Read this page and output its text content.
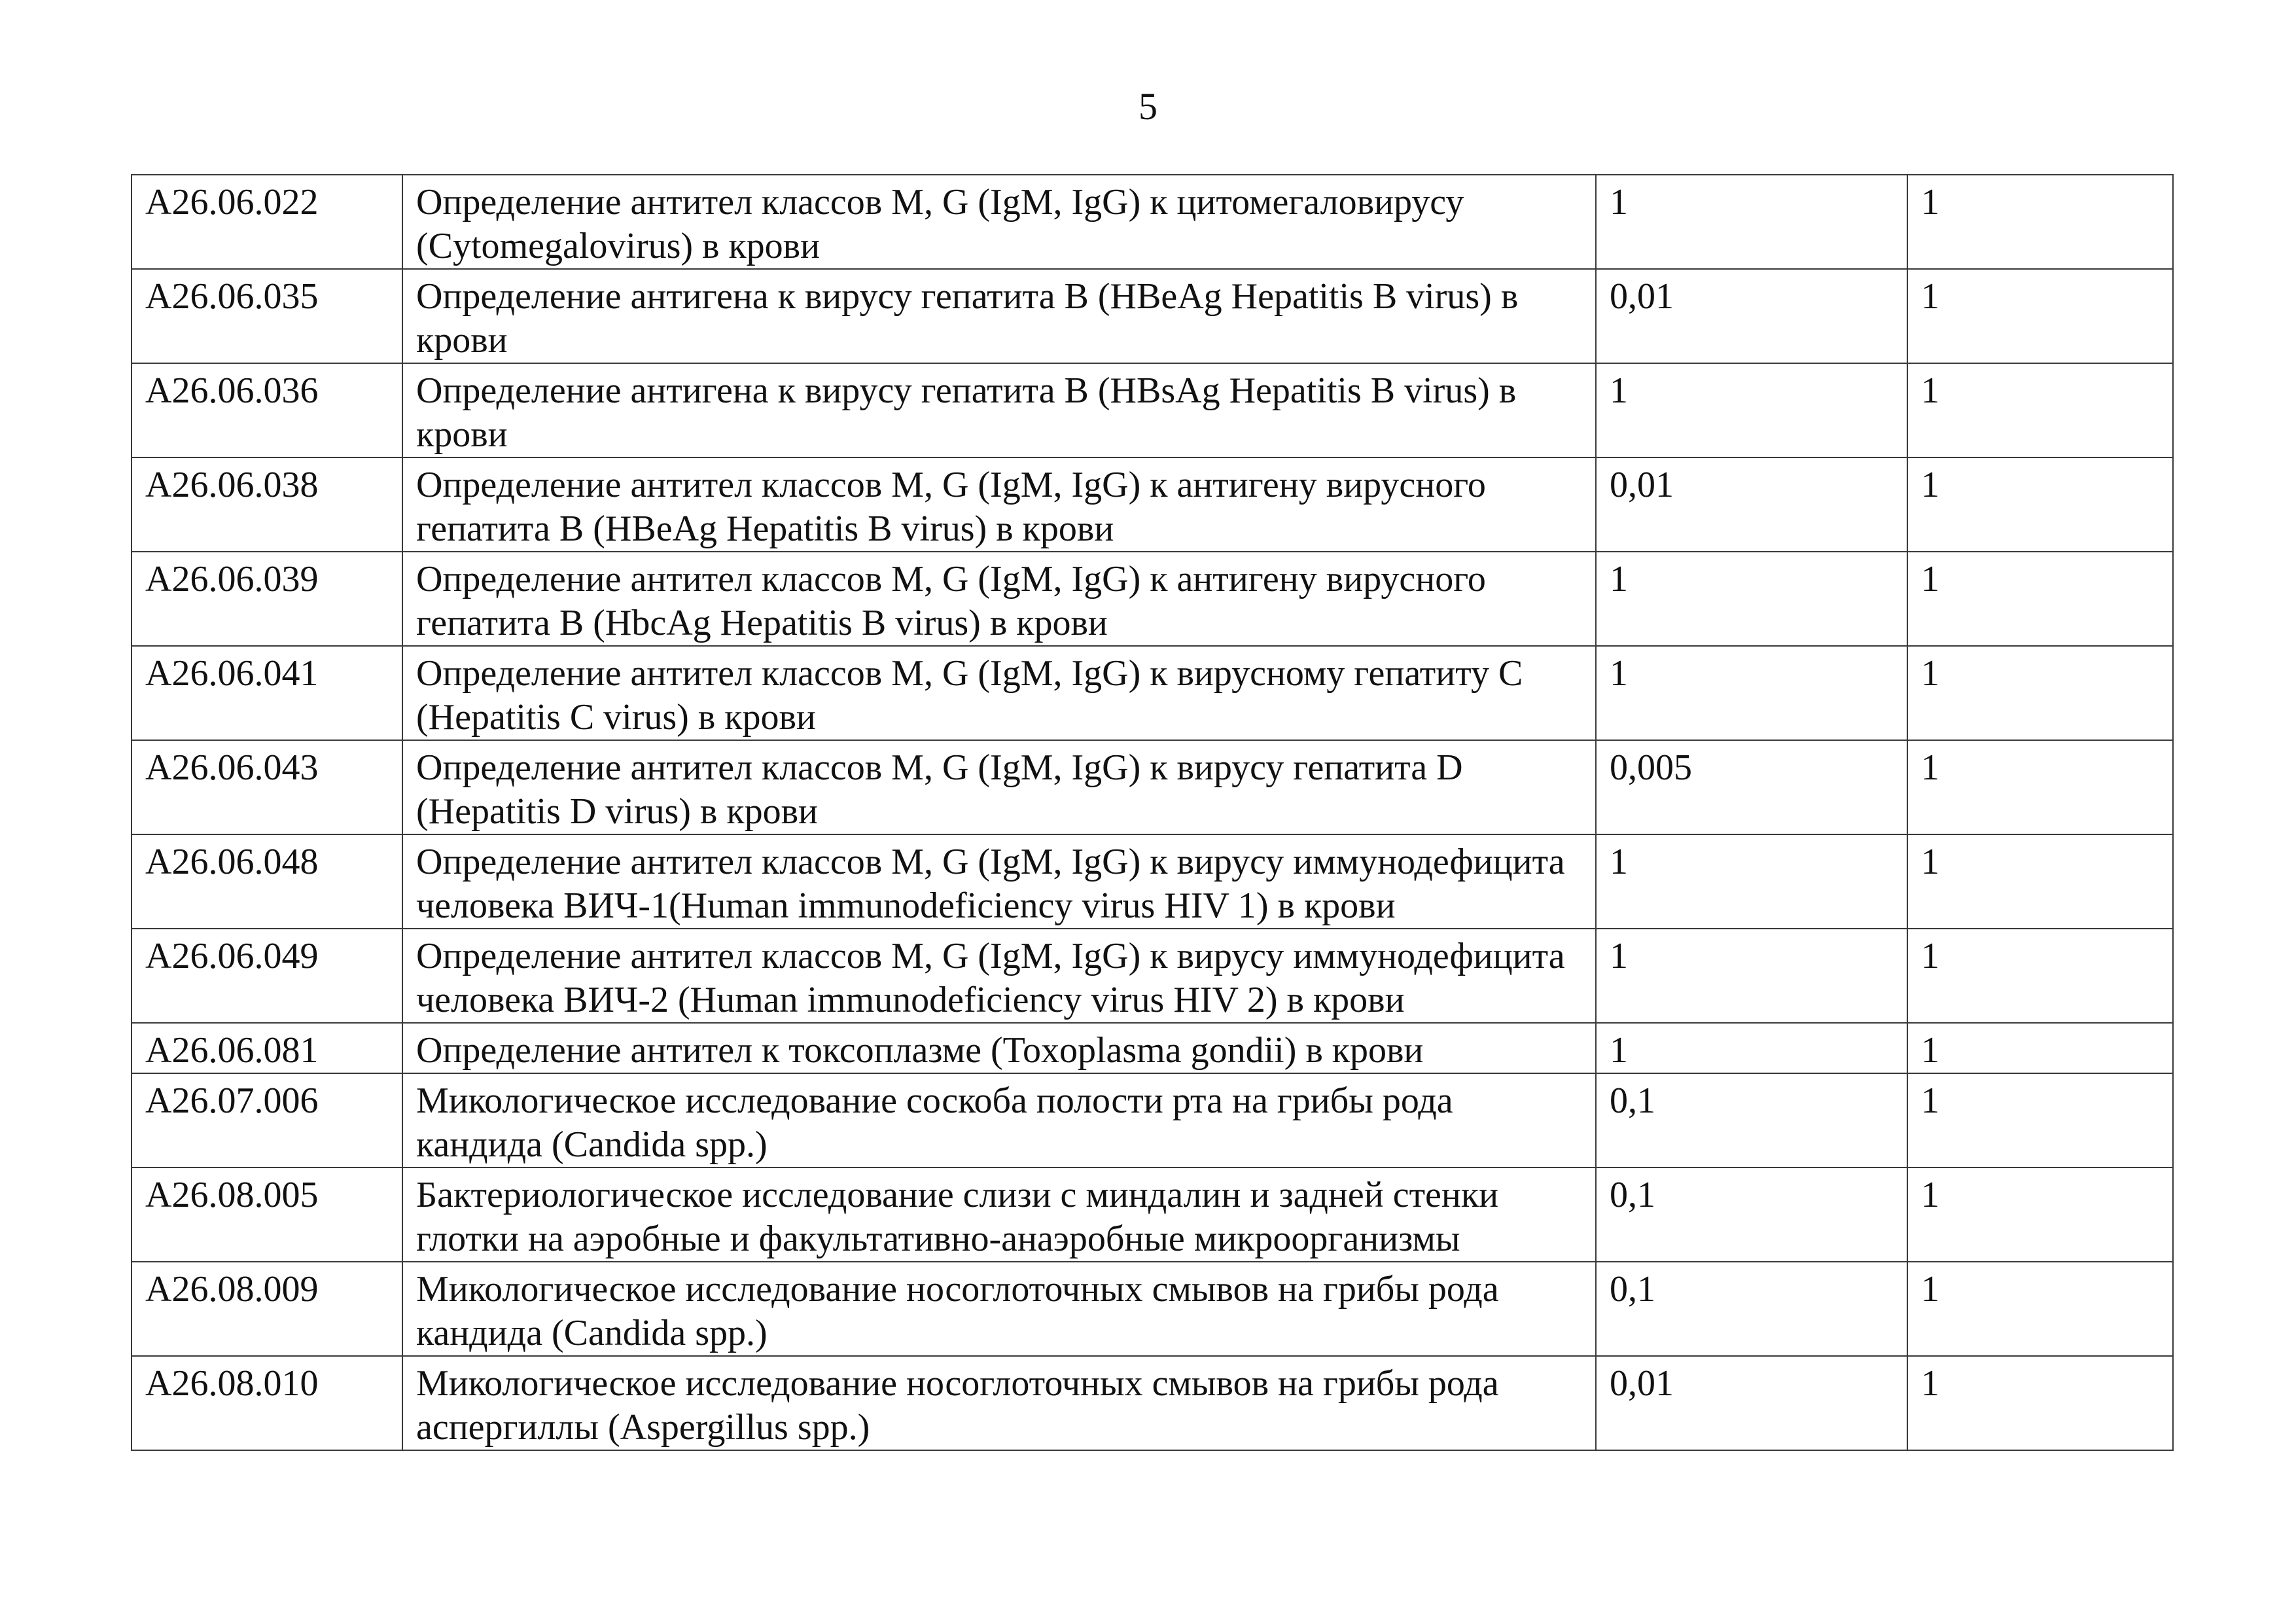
5
A26.06.022	Определение антител классов M, G (IgM, IgG) к цитомегаловирусу (Cytomegalovirus) в крови	1	1
A26.06.035	Определение антигена к вирусу гепатита B (HBeAg Hepatitis B virus) в крови	0,01	1
A26.06.036	Определение антигена к вирусу гепатита B (HBsAg Hepatitis B virus) в крови	1	1
A26.06.038	Определение антител классов M, G (IgM, IgG) к антигену вирусного гепатита B (HBeAg Hepatitis B virus) в крови	0,01	1
A26.06.039	Определение антител классов M, G (IgM, IgG) к антигену вирусного гепатита B (HbcAg Hepatitis B virus) в крови	1	1
A26.06.041	Определение антител классов M, G (IgM, IgG) к вирусному гепатиту C (Hepatitis C virus) в крови	1	1
A26.06.043	Определение антител классов M, G (IgM, IgG) к вирусу гепатита D (Hepatitis D virus) в крови	0,005	1
A26.06.048	Определение антител классов M, G (IgM, IgG) к вирусу иммунодефицита человека ВИЧ-1(Human immunodeficiency virus HIV 1) в крови	1	1
A26.06.049	Определение антител классов M, G (IgM, IgG) к вирусу иммунодефицита человека ВИЧ-2 (Human immunodeficiency virus HIV 2) в крови	1	1
A26.06.081	Определение антител к токсоплазме (Toxoplasma gondii) в крови	1	1
A26.07.006	Микологическое исследование соскоба полости рта на грибы рода кандида (Candida spp.)	0,1	1
A26.08.005	Бактериологическое исследование слизи с миндалин и задней стенки глотки на аэробные и факультативно-анаэробные микроорганизмы	0,1	1
A26.08.009	Микологическое исследование носоглоточных смывов на грибы рода кандида (Candida spp.)	0,1	1
A26.08.010	Микологическое исследование носоглоточных смывов на грибы рода аспергиллы (Aspergillus spp.)	0,01	1
